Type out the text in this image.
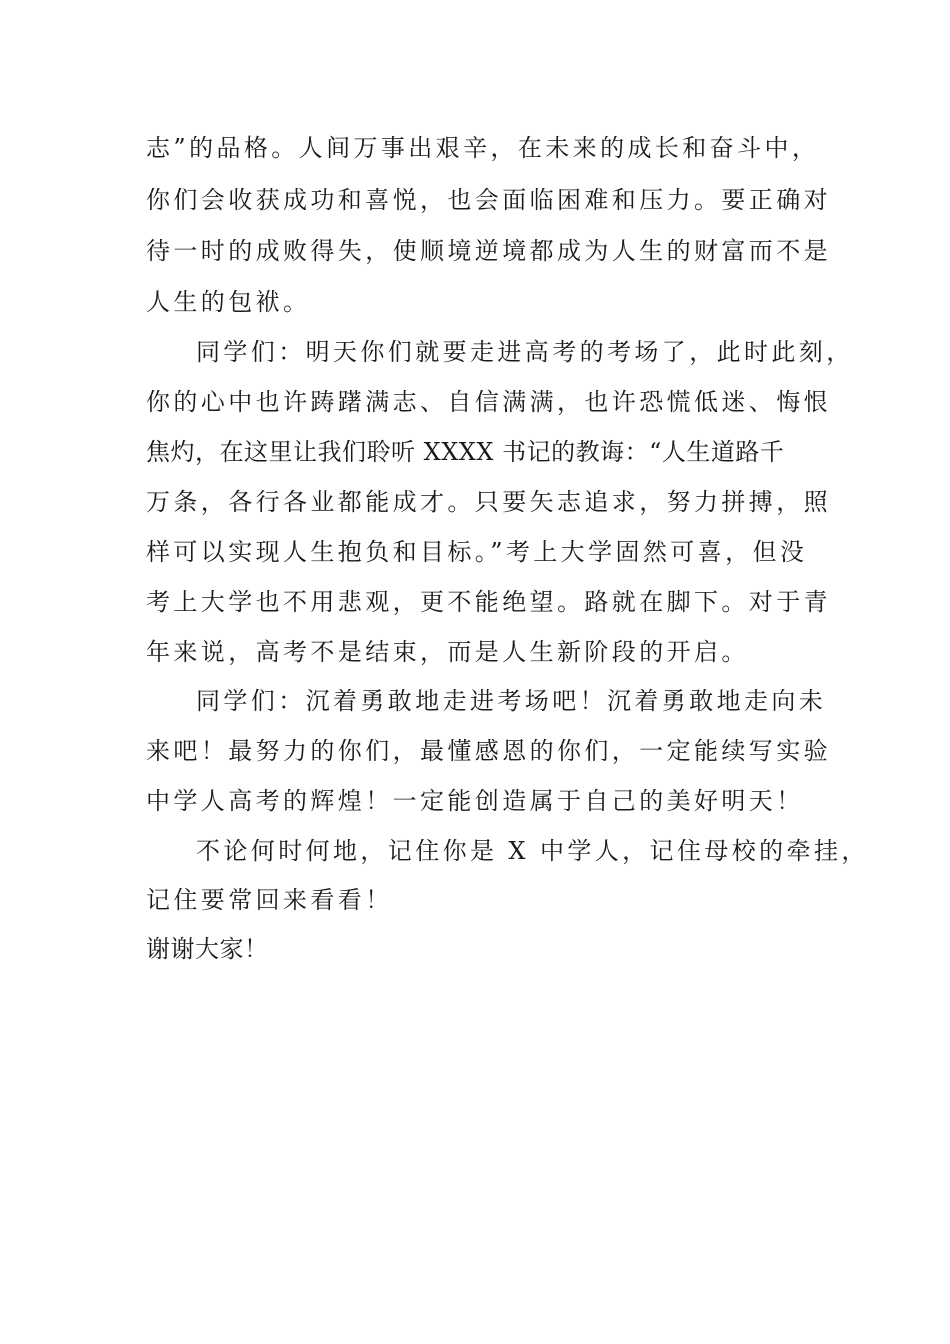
志”的品格。人间万事出艰辛，在未来的成长和奋斗中，
你们会收获成功和喜悦，也会面临困难和压力。要正确对
待一时的成败得失，使顺境逆境都成为人生的财富而不是
人生的包袱。
同学们：明天你们就要走进高考的考场了，此时此刻，
你的心中也许踌躇满志、自信满满，也许恐慌低迷、悔恨
焦灼，在这里让我们聆听 XXXX 书记的教诲：“人生道路千
万条，各行各业都能成才。只要矢志追求，努力拼搏，照
样可以实现人生抱负和目标。”考上大学固然可喜，但没
考上大学也不用悲观，更不能绝望。路就在脚下。对于青
年来说，高考不是结束，而是人生新阶段的开启。
同学们：沉着勇敢地走进考场吧！沉着勇敢地走向未
来吧！最努力的你们，最懂感恩的你们，一定能续写实验
中学人高考的辉煌！一定能创造属于自己的美好明天！
不论何时何地，记住你是 X 中学人，记住母校的牵挂，
记住要常回来看看！
谢谢大家！
